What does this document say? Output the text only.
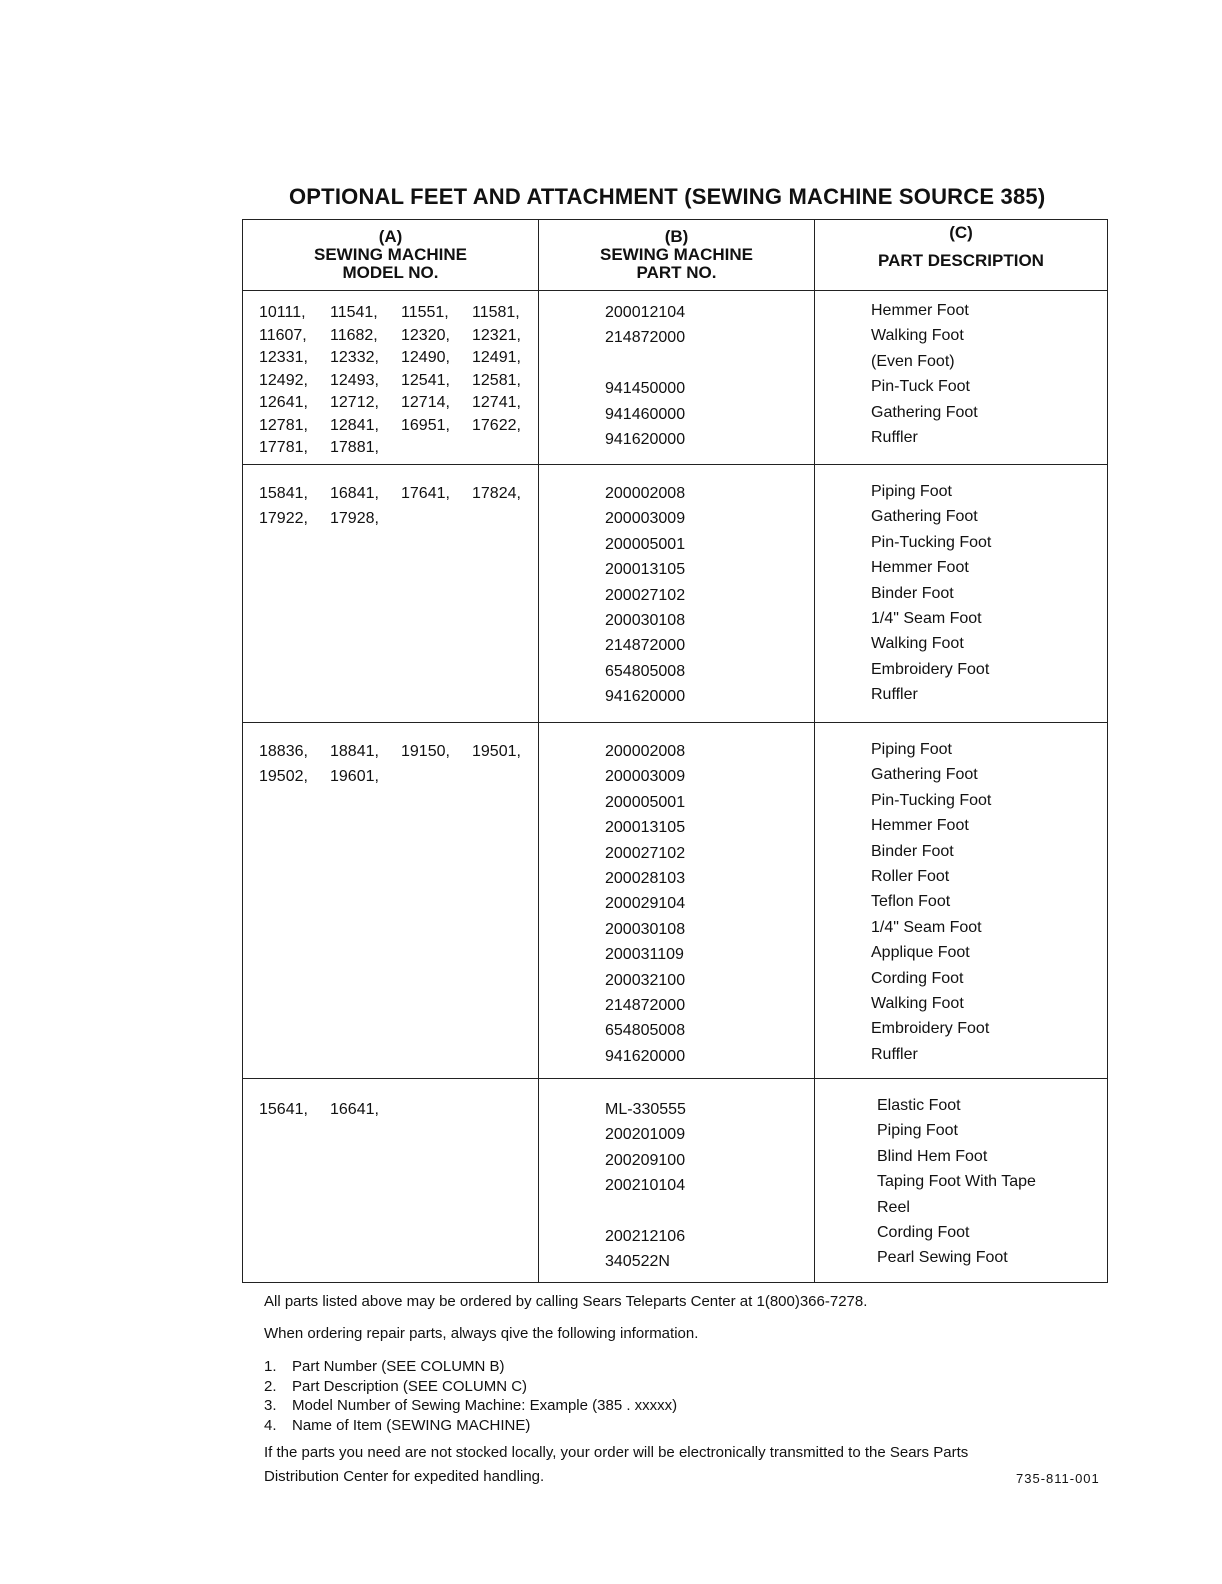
OPTIONAL FEET AND ATTACHMENT (SEWING MACHINE SOURCE 385)
(A)
SEWING MACHINE
MODEL NO.
(B)
SEWING MACHINE
PART NO.
(C)
PART DESCRIPTION
10111, 11541, 11551, 11581,
11607, 11682, 12320, 12321,
12331, 12332, 12490, 12491,
12492, 12493, 12541, 12581,
12641, 12712, 12714, 12741,
12781, 12841, 16951, 17622,
17781, 17881,
200012104
214872000
941450000
941460000
941620000
Hemmer Foot
Walking Foot
(Even Foot)
Pin-Tuck Foot
Gathering Foot
Ruffler
15841, 16841, 17641, 17824,
17922, 17928,
200002008
200003009
200005001
200013105
200027102
200030108
214872000
654805008
941620000
Piping Foot
Gathering Foot
Pin-Tucking Foot
Hemmer Foot
Binder Foot
1/4" Seam Foot
Walking Foot
Embroidery Foot
Ruffler
18836, 18841, 19150, 19501,
19502, 19601,
200002008
200003009
200005001
200013105
200027102
200028103
200029104
200030108
200031109
200032100
214872000
654805008
941620000
Piping Foot
Gathering Foot
Pin-Tucking Foot
Hemmer Foot
Binder Foot
Roller Foot
Teflon Foot
1/4" Seam Foot
Applique Foot
Cording Foot
Walking Foot
Embroidery Foot
Ruffler
15641, 16641,	ML-330555
200201009
200209100
200210104
200212106
340522N
Elastic Foot
Piping Foot
Blind Hem Foot
Taping Foot With Tape
Reel
Cording Foot
Pearl Sewing Foot
All parts listed above may be ordered by calling Sears Teleparts Center at 1(800)366-7278.
When ordering repair parts, always qive the following information.
1. Part Number (SEE COLUMN B)
2. Part Description (SEE COLUMN C)
3. Model Number of Sewing Machine: Example (385 . xxxxx)
4. Name of Item (SEWING MACHINE)
If the parts you need are not stocked locally, your order will be electronically transmitted to the Sears Parts
Distribution Center for expedited handling.	735-811-001
